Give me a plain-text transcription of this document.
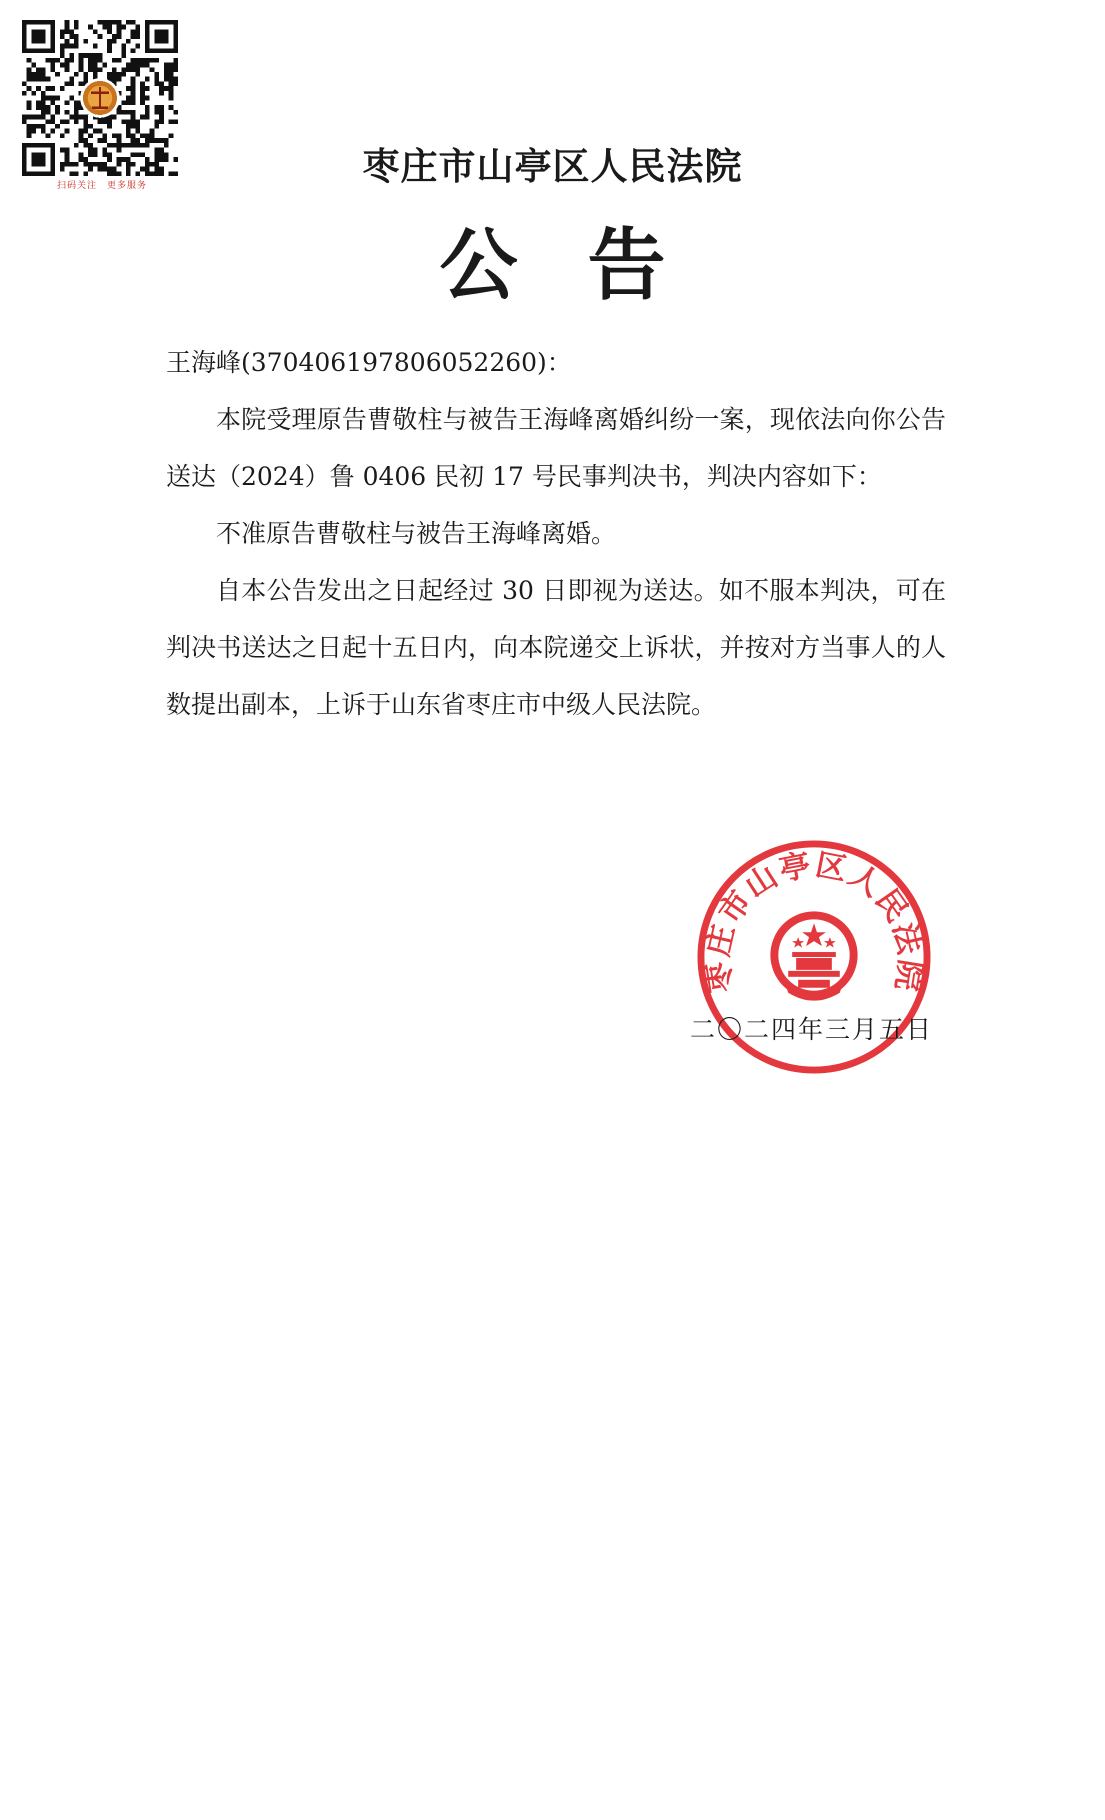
扫码关注 更多服务	枣庄市山亭区人民法院
公告

王海峰(370406197806052260)：

本院受理原告曹敬柱与被告王海峰离婚纠纷一案，现依法向你公告送达（2024）鲁 0406 民初 17 号民事判决书，判决内容如下：

不准原告曹敬柱与被告王海峰离婚。

自本公告发出之日起经过 30 日即视为送达。如不服本判决，可在判决书送达之日起十五日内，向本院递交上诉状，并按对方当事人的人数提出副本，上诉于山东省枣庄市中级人民法院。

枣庄市山亭区人民法院
二〇二四年三月五日
